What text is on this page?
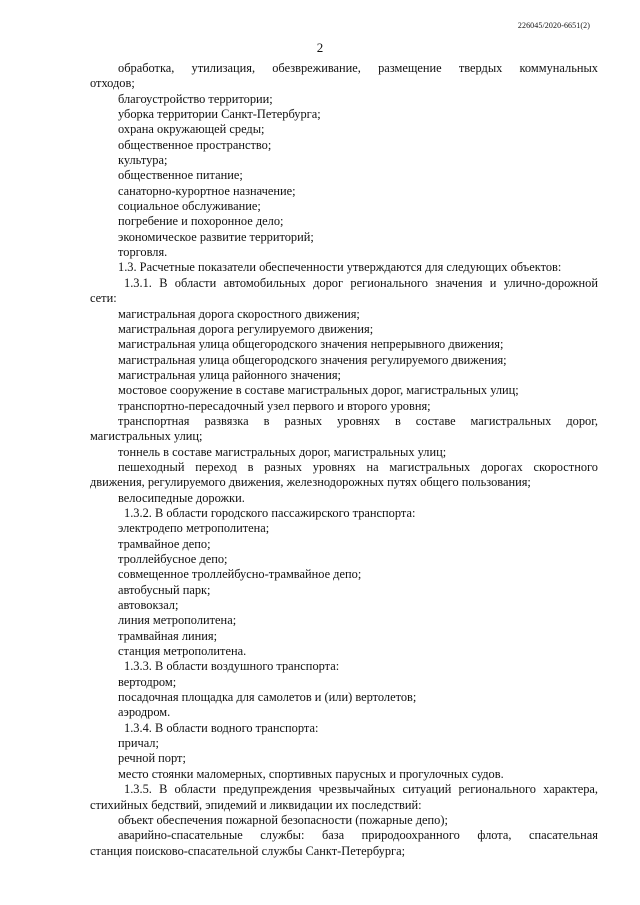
226045/2020-6651(2)
2
обработка, утилизация, обезвреживание, размещение твердых коммунальных
отходов;
благоустройство территории;
уборка территории Санкт-Петербурга;
охрана окружающей среды;
общественное пространство;
культура;
общественное питание;
санаторно-курортное назначение;
социальное обслуживание;
погребение и похоронное дело;
экономическое развитие территорий;
торговля.
1.3. Расчетные показатели обеспеченности утверждаются для следующих объектов:
1.3.1. В области автомобильных дорог регионального значения и улично-дорожной
сети:
магистральная дорога скоростного движения;
магистральная дорога регулируемого движения;
магистральная улица общегородского значения непрерывного движения;
магистральная улица общегородского значения регулируемого движения;
магистральная улица районного значения;
мостовое сооружение в составе магистральных дорог, магистральных улиц;
транспортно-пересадочный узел первого и второго уровня;
транспортная развязка в разных уровнях в составе магистральных дорог,
магистральных улиц;
тоннель в составе магистральных дорог, магистральных улиц;
пешеходный переход в разных уровнях на магистральных дорогах скоростного
движения, регулируемого движения, железнодорожных путях общего пользования;
велосипедные дорожки.
1.3.2. В области городского пассажирского транспорта:
электродепо метрополитена;
трамвайное депо;
троллейбусное депо;
совмещенное троллейбусно-трамвайное депо;
автобусный парк;
автовокзал;
линия метрополитена;
трамвайная линия;
станция метрополитена.
1.3.3. В области воздушного транспорта:
вертодром;
посадочная площадка для самолетов и (или) вертолетов;
аэродром.
1.3.4. В области водного транспорта:
причал;
речной порт;
место стоянки маломерных, спортивных парусных и прогулочных судов.
1.3.5. В области предупреждения чрезвычайных ситуаций регионального характера,
стихийных бедствий, эпидемий и ликвидации их последствий:
объект обеспечения пожарной безопасности (пожарные депо);
аварийно-спасательные службы: база природоохранного флота, спасательная
станция поисково-спасательной службы Санкт-Петербурга;
